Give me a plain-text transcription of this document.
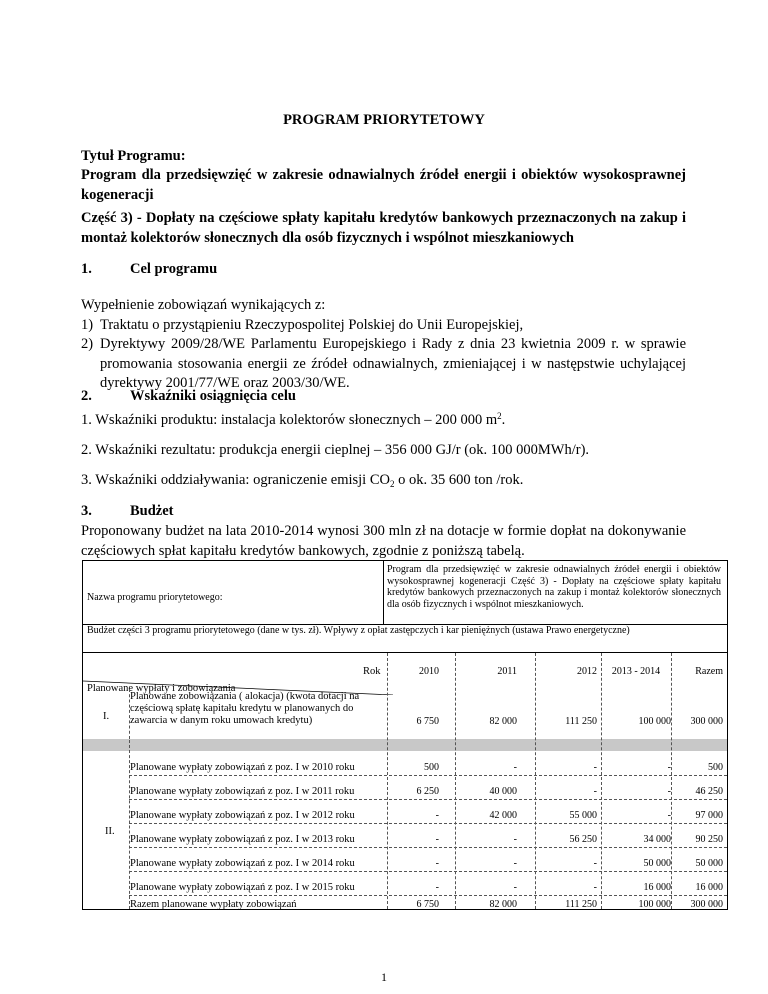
PROGRAM PRIORYTETOWY
Tytuł Programu:
Program dla przedsięwzięć w zakresie odnawialnych źródeł energii i obiektów wysokosprawnej kogeneracji
Część 3) - Dopłaty na częściowe spłaty kapitału kredytów bankowych przeznaczonych na zakup i montaż kolektorów słonecznych dla osób fizycznych i wspólnot mieszkaniowych
1.	Cel programu
Wypełnienie zobowiązań wynikających z:
1) Traktatu o przystąpieniu Rzeczypospolitej Polskiej do Unii Europejskiej,
2) Dyrektywy 2009/28/WE Parlamentu Europejskiego i Rady z dnia 23 kwietnia 2009 r. w sprawie promowania stosowania energii ze źródeł odnawialnych, zmieniającej i w następstwie uchylającej dyrektywy 2001/77/WE oraz 2003/30/WE.
2.	Wskaźniki osiągnięcia celu
1. Wskaźniki produktu: instalacja kolektorów słonecznych – 200 000 $m^2$.
2. Wskaźniki rezultatu: produkcja energii cieplnej – 356 000 GJ/r (ok. 100 000MWh/r).
3. Wskaźniki oddziaływania: ograniczenie emisji $CO_2$ o ok. 35 600 ton /rok.
3.	Budżet
Proponowany budżet na lata 2010-2014 wynosi 300 mln zł na dotacje w formie dopłat na dokonywanie częściowych spłat kapitału kredytów bankowych, zgodnie z poniższą tabelą.
Nazwa programu priorytetowego:
Program dla przedsięwzięć w zakresie odnawialnych źródeł energii i obiektów wysokosprawnej kogeneracji Część 3) - Dopłaty na częściowe spłaty kapitału kredytów bankowych przeznaczonych na zakup i montaż kolektorów słonecznych dla osób fizycznych i wspólnot mieszkaniowych.
Budżet części 3 programu priorytetowego (dane w tys. zł). Wpływy z opłat zastępczych i kar pieniężnych (ustawa Prawo energetyczne)
Rok
Planowane wypłaty i zobowiązania
2010	2011	2012	2013 - 2014	Razem
I.
Planowane zobowiązania ( alokacja) (kwota dotacji na częściową spłatę kapitału kredytu w planowanych do zawarcia w danym roku umowach kredytu)	6 750	82 000	111 250	100 000	300 000
II.
Planowane wypłaty zobowiązań z poz. I w 2010 roku	500	-	-	-	500
Planowane wypłaty zobowiązań z poz. I w 2011 roku	6 250	40 000	-	-	46 250
Planowane wypłaty zobowiązań z poz. I w 2012 roku	-	42 000	55 000	-	97 000
Planowane wypłaty zobowiązań z poz. I w 2013 roku	-	-	56 250	34 000	90 250
Planowane wypłaty zobowiązań z poz. I w 2014 roku	-	-	-	50 000	50 000
Planowane wypłaty zobowiązań z poz. I w 2015 roku	-	-	-	16 000	16 000
Razem planowane wypłaty zobowiązań	6 750	82 000	111 250	100 000	300 000
1
